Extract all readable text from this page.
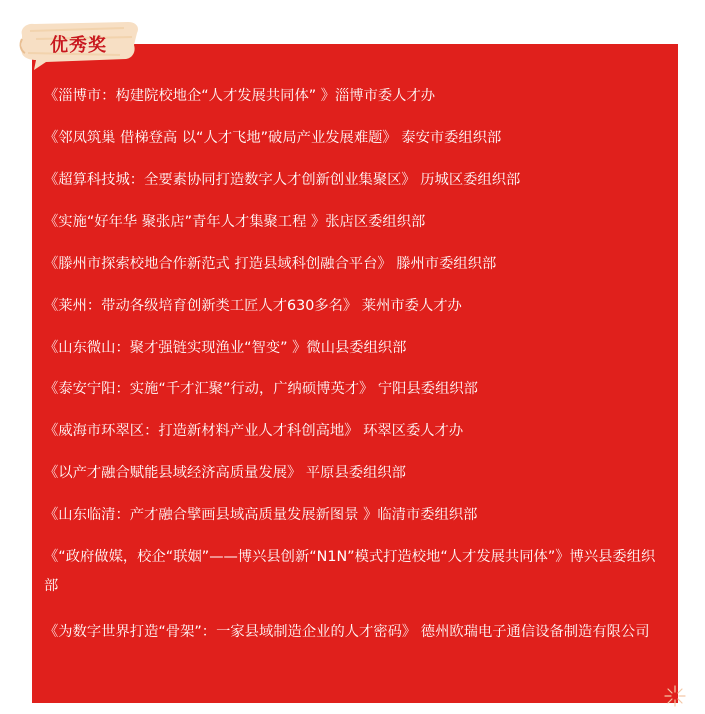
优秀奖
《淄博市：构建院校地企“人才发展共同体” 》淄博市委人才办
《邻凤筑巢 借梯登高 以“人才飞地”破局产业发展难题》 泰安市委组织部
《超算科技城：全要素协同打造数字人才创新创业集聚区》 历城区委组织部
《实施“好年华 聚张店”青年人才集聚工程 》张店区委组织部
《滕州市探索校地合作新范式 打造县域科创融合平台》 滕州市委组织部
《莱州：带动各级培育创新类工匠人才630多名》 莱州市委人才办
《山东微山：聚才强链实现渔业“智变” 》微山县委组织部
《泰安宁阳：实施“千才汇聚”行动，广纳硕博英才》 宁阳县委组织部
《威海市环翠区：打造新材料产业人才科创高地》 环翠区委人才办
《以产才融合赋能县域经济高质量发展》 平原县委组织部
《山东临清：产才融合擘画县域高质量发展新图景 》临清市委组织部
《“政府做媒，校企“联姻”——博兴县创新“N1N”模式打造校地“人才发展共同体”》博兴县委组织部
《为数字世界打造“骨架”：一家县域制造企业的人才密码》 德州欧瑞电子通信设备制造有限公司
